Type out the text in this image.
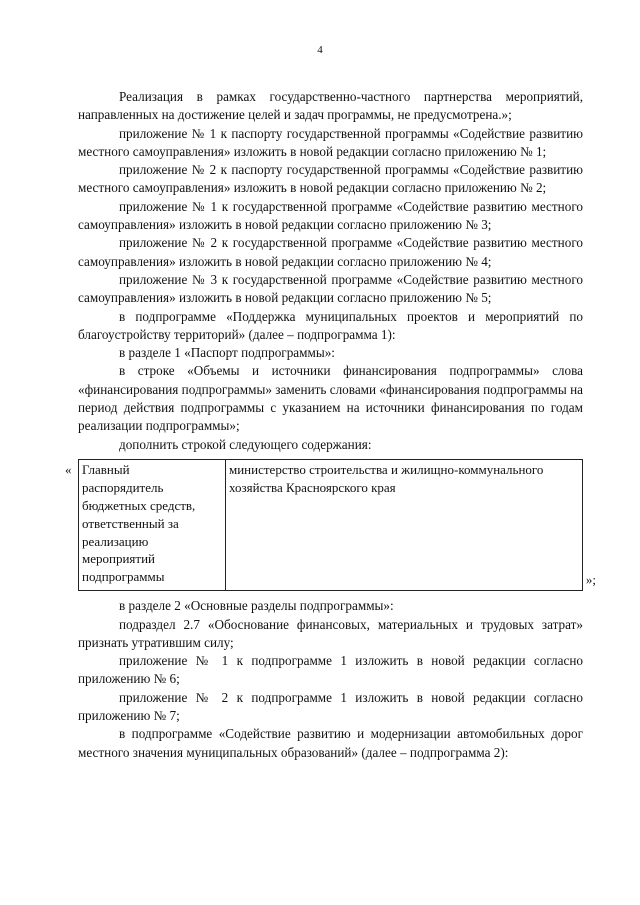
4

Реализация в рамках государственно-частного партнерства мероприятий, направленных на достижение целей и задач программы, не предусмотрена.»;

приложение № 1 к паспорту государственной программы «Содействие развитию местного самоуправления» изложить в новой редакции согласно приложению № 1;

приложение № 2 к паспорту государственной программы «Содействие развитию местного самоуправления» изложить в новой редакции согласно приложению № 2;

приложение № 1 к государственной программе «Содействие развитию местного самоуправления» изложить в новой редакции согласно приложению № 3;

приложение № 2 к государственной программе «Содействие развитию местного самоуправления» изложить в новой редакции согласно приложению № 4;

приложение № 3 к государственной программе «Содействие развитию местного самоуправления» изложить в новой редакции согласно приложению № 5;

в подпрограмме «Поддержка муниципальных проектов и мероприятий по благоустройству территорий» (далее – подпрограмма 1):

в разделе 1 «Паспорт подпрограммы»:

в строке «Объемы и источники финансирования подпрограммы» слова «финансирования подпрограммы» заменить словами «финансирования подпрограммы на период действия подпрограммы с указанием на источники финансирования по годам реализации подпрограммы»;

дополнить строкой следующего содержания:

« Главный
распорядитель
бюджетных средств,
ответственный за
реализацию
мероприятий
подпрограммы
	министерство строительства и жилищно-коммунального хозяйства Красноярского края
»;

в разделе 2 «Основные разделы подпрограммы»:

подраздел 2.7 «Обоснование финансовых, материальных и трудовых затрат» признать утратившим силу;

приложение № 1 к подпрограмме 1 изложить в новой редакции согласно приложению № 6;

приложение № 2 к подпрограмме 1 изложить в новой редакции согласно приложению № 7;

в подпрограмме «Содействие развитию и модернизации автомобильных дорог местного значения муниципальных образований» (далее – подпрограмма 2):
